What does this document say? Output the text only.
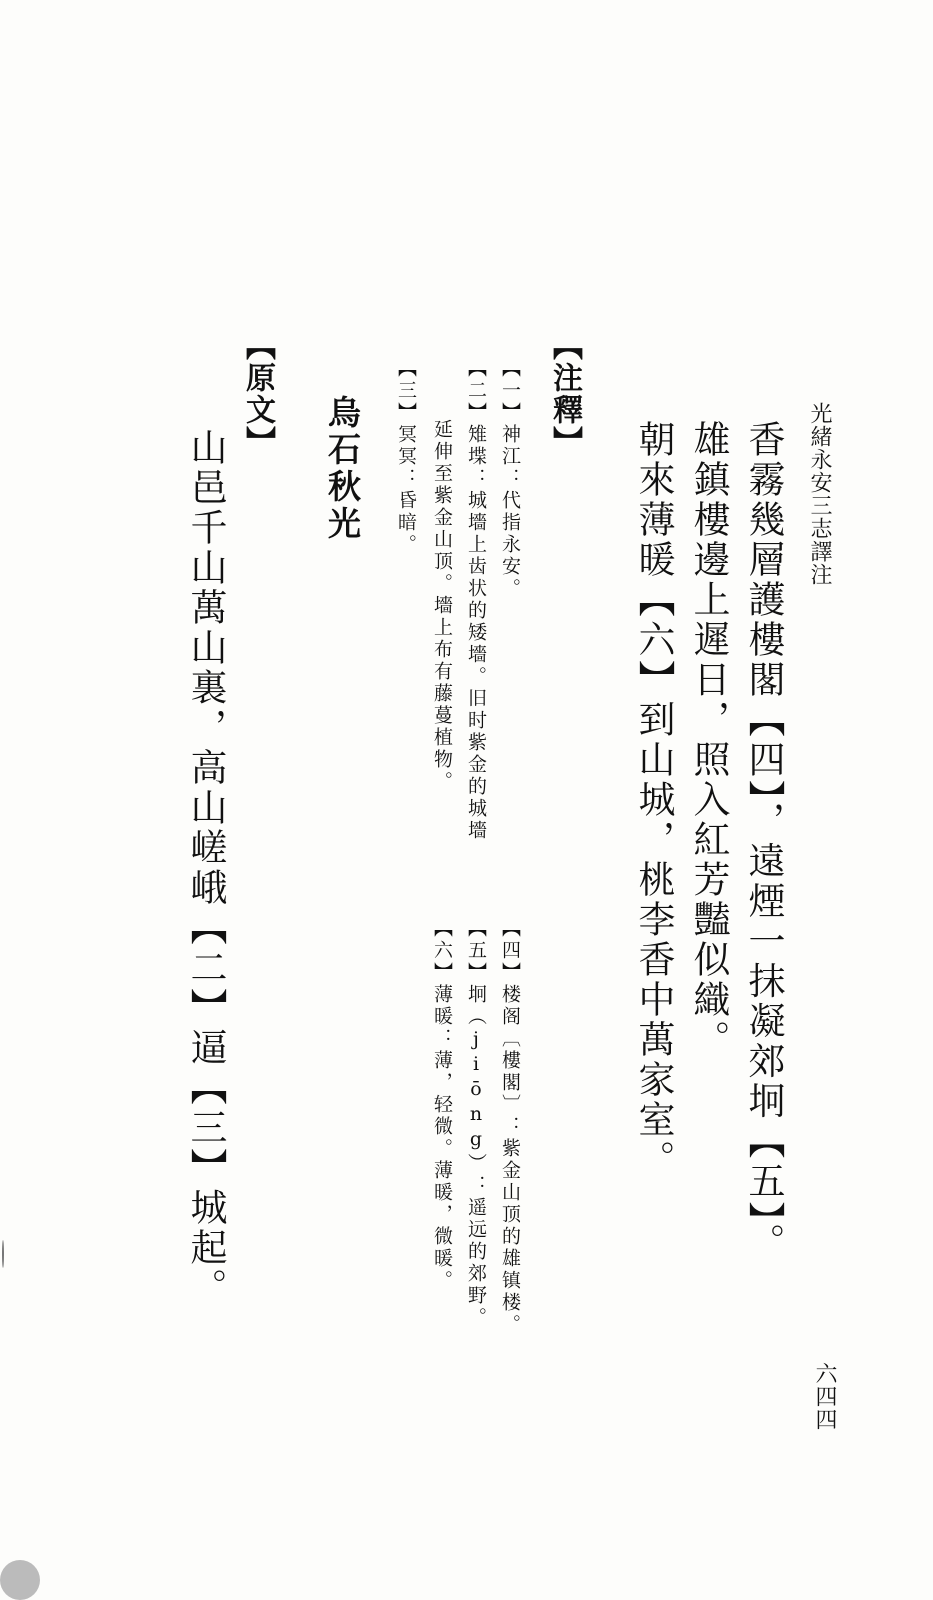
光緒永安三志譯注
六四四
香霧幾層護樓閣【四】，遠煙一抹凝郊坰【五】。
雄鎮樓邊上遲日，照入紅芳豔似織。
朝來薄暖【六】到山城，桃李香中萬家室。
【注釋】
【一】神江：代指永安。
【二】雉堞：城墻上齿状的矮墻。旧时紫金的城墻
延伸至紫金山顶。墻上布有藤蔓植物。
【三】冥冥：昏暗。
【四】楼阁〔樓閣〕：紫金山顶的雄镇楼。
【五】坰（jiōng）：遥远的郊野。
【六】薄暖：薄，轻微。薄暖，微暖。
烏石秋光
【原文】
山邑千山萬山裏，高山嵯峨【二】逼【三】城起。
